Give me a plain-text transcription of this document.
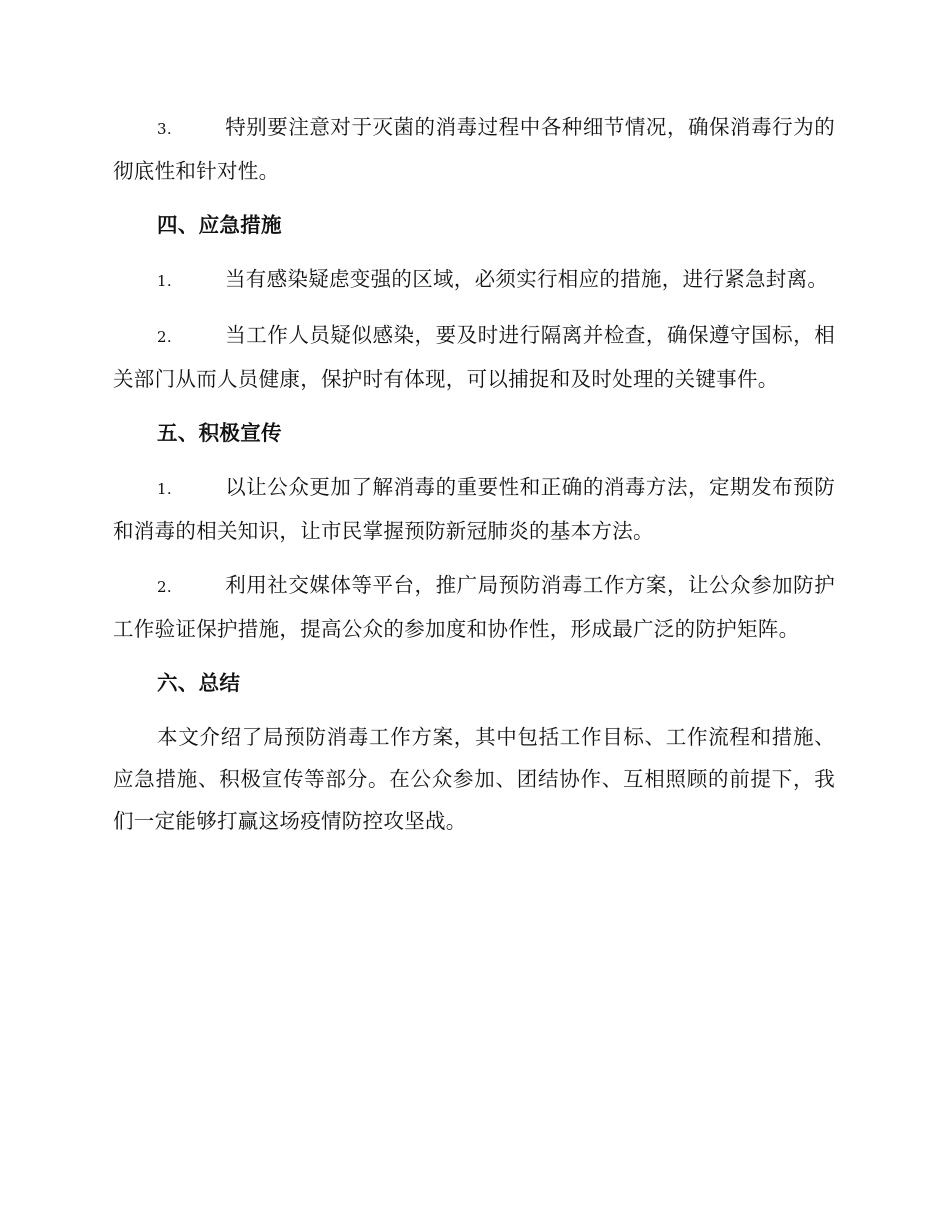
3.	特别要注意对于灭菌的消毒过程中各种细节情况，确保消毒行为的彻底性和针对性。

四、应急措施

1.	当有感染疑虑变强的区域，必须实行相应的措施，进行紧急封离。

2.	当工作人员疑似感染，要及时进行隔离并检查，确保遵守国标，相关部门从而人员健康，保护时有体现，可以捕捉和及时处理的关键事件。

五、积极宣传

1.	以让公众更加了解消毒的重要性和正确的消毒方法，定期发布预防和消毒的相关知识，让市民掌握预防新冠肺炎的基本方法。

2.	利用社交媒体等平台，推广局预防消毒工作方案，让公众参加防护工作验证保护措施，提高公众的参加度和协作性，形成最广泛的防护矩阵。

六、总结

本文介绍了局预防消毒工作方案，其中包括工作目标、工作流程和措施、应急措施、积极宣传等部分。在公众参加、团结协作、互相照顾的前提下，我们一定能够打赢这场疫情防控攻坚战。
